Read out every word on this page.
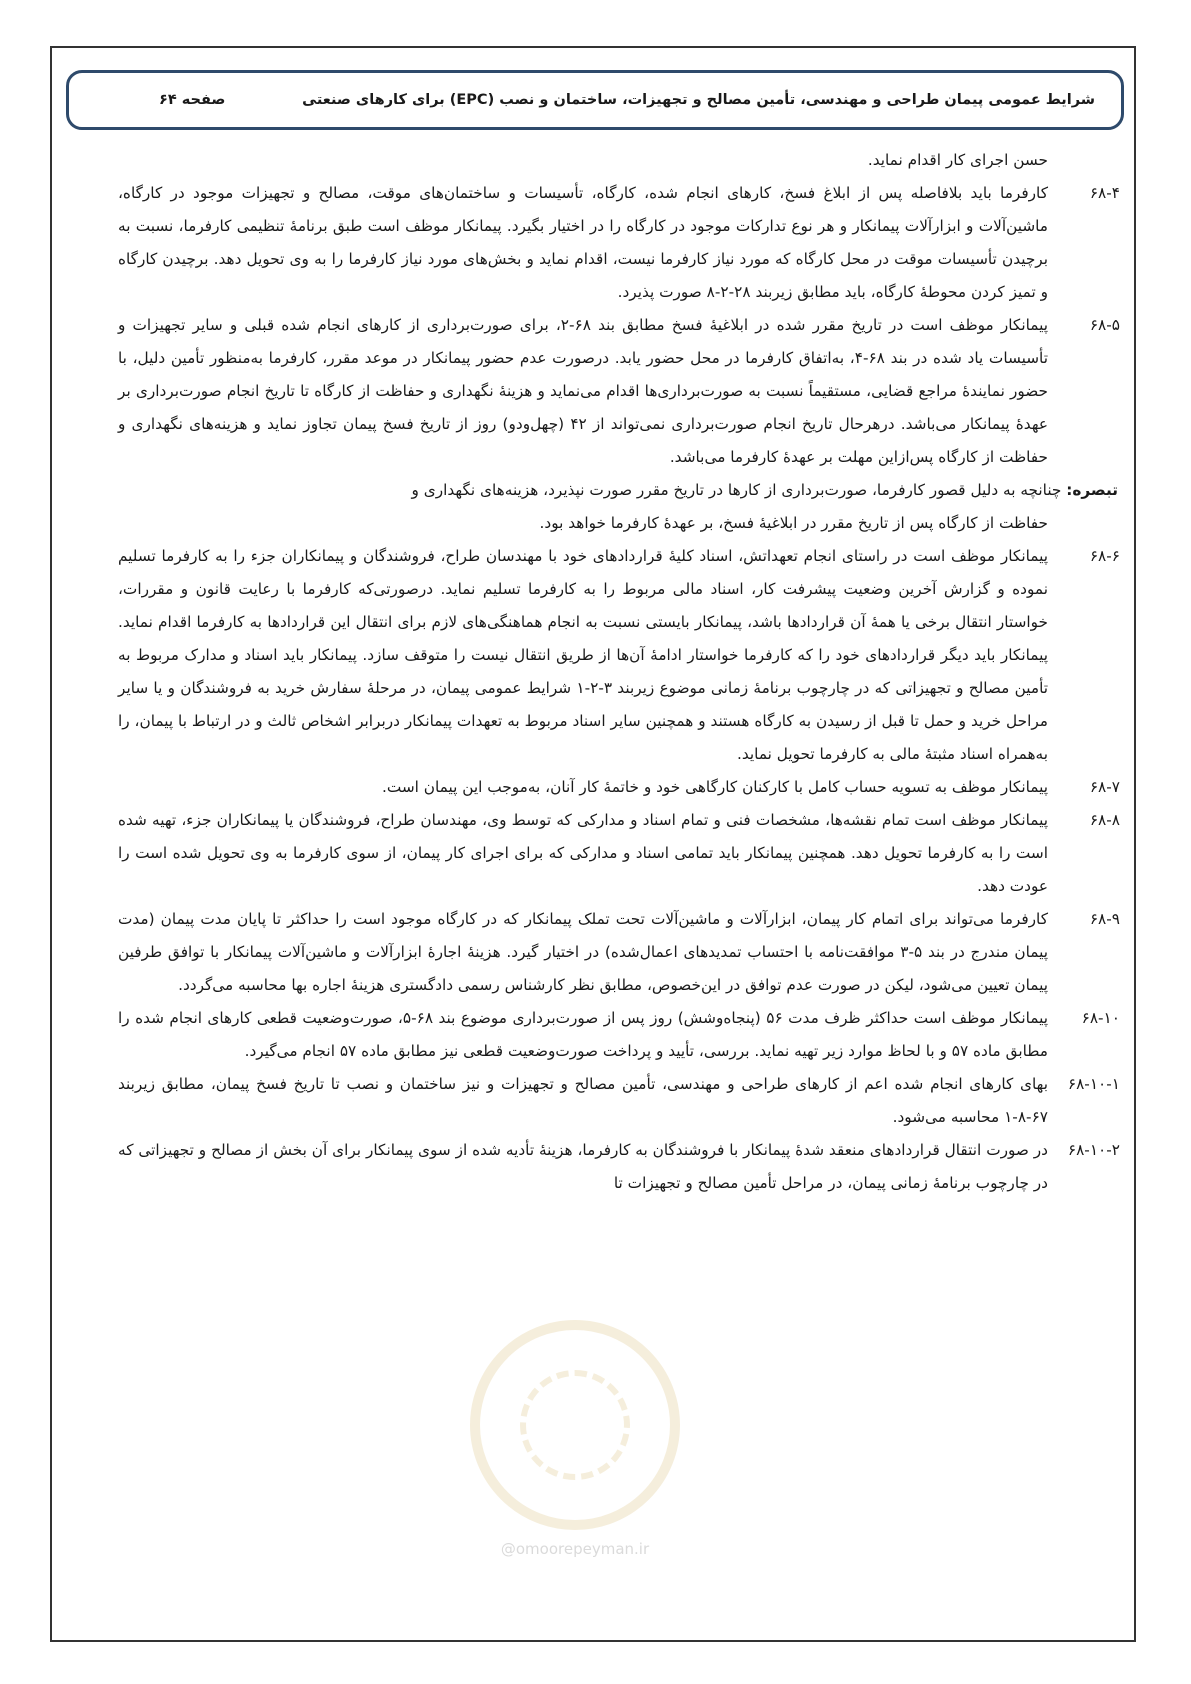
شرایط عمومی پیمان طراحی و مهندسی، تأمین مصالح و تجهیزات، ساختمان و نصب (EPC) برای کارهای صنعتی
صفحه ۶۴
@omoorepeyman.ir

حسن اجرای کار اقدام نماید.

۶۸-۴
کارفرما باید بلافاصله پس از ابلاغ فسخ، کارهای انجام شده، کارگاه، تأسیسات و ساختمان‌های موقت، مصالح و تجهیزات موجود در کارگاه، ماشین‌آلات و ابزارآلات پیمانکار و هر نوع تدارکات موجود در کارگاه را در اختیار بگیرد. پیمانکار موظف است طبق برنامهٔ تنظیمی کارفرما، نسبت به برچیدن تأسیسات موقت در محل کارگاه که مورد نیاز کارفرما نیست، اقدام نماید و بخش‌های مورد نیاز کارفرما را به وی تحویل دهد. برچیدن کارگاه و تمیز کردن محوطهٔ کارگاه، باید مطابق زیربند ۲۸-۲-۸ صورت پذیرد.
۶۸-۵
پیمانکار موظف است در تاریخ مقرر شده در ابلاغیهٔ فسخ مطابق بند ۶۸-۲، برای صورت‌برداری از کارهای انجام شده قبلی و سایر تجهیزات و تأسیسات یاد شده در بند ۶۸-۴، به‌اتفاق کارفرما در محل حضور یابد. درصورت عدم حضور پیمانکار در موعد مقرر، کارفرما به‌منظور تأمین دلیل، با حضور نمایندهٔ مراجع قضایی، مستقیماً نسبت به صورت‌برداری‌ها اقدام می‌نماید و هزینهٔ نگهداری و حفاظت از کارگاه تا تاریخ انجام صورت‌برداری بر عهدهٔ پیمانکار می‌باشد. درهرحال تاریخ انجام صورت‌برداری نمی‌تواند از ۴۲ (چهل‌ودو) روز از تاریخ فسخ پیمان تجاوز نماید و هزینه‌های نگهداری و حفاظت از کارگاه پس‌ازاین مهلت بر عهدهٔ کارفرما می‌باشد.
تبصره: چنانچه به دلیل قصور کارفرما، صورت‌برداری از کارها در تاریخ مقرر صورت نپذیرد، هزینه‌های نگهداری و
حفاظت از کارگاه پس از تاریخ مقرر در ابلاغیهٔ فسخ، بر عهدهٔ کارفرما خواهد بود.
۶۸-۶
پیمانکار موظف است در راستای انجام تعهداتش، اسناد کلیهٔ قراردادهای خود با مهندسان طراح، فروشندگان و پیمانکاران جزء را به کارفرما تسلیم نموده و گزارش آخرین وضعیت پیشرفت کار، اسناد مالی مربوط را به کارفرما تسلیم نماید. درصورتی‌که کارفرما با رعایت قانون و مقررات، خواستار انتقال برخی یا همهٔ آن قراردادها باشد، پیمانکار بایستی نسبت به انجام هماهنگی‌های لازم برای انتقال این قراردادها به کارفرما اقدام نماید. پیمانکار باید دیگر قراردادهای خود را که کارفرما خواستار ادامهٔ آن‌ها از طریق انتقال نیست را متوقف سازد. پیمانکار باید اسناد و مدارک مربوط به تأمین مصالح و تجهیزاتی که در چارچوب برنامهٔ زمانی موضوع زیربند ۳-۲-۱ شرایط عمومی پیمان، در مرحلهٔ سفارش خرید به فروشندگان و یا سایر مراحل خرید و حمل تا قبل از رسیدن به کارگاه هستند و همچنین سایر اسناد مربوط به تعهدات پیمانکار دربرابر اشخاص ثالث و در ارتباط با پیمان، را به‌همراه اسناد مثبتهٔ مالی به کارفرما تحویل نماید.
۶۸-۷
پیمانکار موظف به تسویه حساب کامل با کارکنان کارگاهی خود و خاتمهٔ کار آنان، به‌موجب این پیمان است.
۶۸-۸
پیمانکار موظف است تمام نقشه‌ها، مشخصات فنی و تمام اسناد و مدارکی که توسط وی، مهندسان طراح، فروشندگان یا پیمانکاران جزء، تهیه شده است را به کارفرما تحویل دهد. همچنین پیمانکار باید تمامی اسناد و مدارکی که برای اجرای کار پیمان، از سوی کارفرما به وی تحویل شده است را عودت دهد.
۶۸-۹
کارفرما می‌تواند برای اتمام کار پیمان، ابزارآلات و ماشین‌آلات تحت تملک پیمانکار که در کارگاه موجود است را حداکثر تا پایان مدت پیمان (مدت پیمان مندرج در بند ۵-۳ موافقت‌نامه با احتساب تمدیدهای اعمال‌شده) در اختیار گیرد. هزینهٔ اجارهٔ ابزارآلات و ماشین‌آلات پیمانکار با توافق طرفین پیمان تعیین می‌شود، لیکن در صورت عدم توافق در این‌خصوص، مطابق نظر کارشناس رسمی دادگستری هزینهٔ اجاره بها محاسبه می‌گردد.
۶۸-۱۰
پیمانکار موظف است حداکثر ظرف مدت ۵۶ (پنجاه‌وشش) روز پس از صورت‌برداری موضوع بند ۶۸-۵، صورت‌وضعیت قطعی کارهای انجام شده را مطابق ماده ۵۷ و با لحاظ موارد زیر تهیه نماید. بررسی، تأیید و پرداخت صورت‌وضعیت قطعی نیز مطابق ماده ۵۷ انجام می‌گیرد.
۶۸-۱۰-۱
بهای کارهای انجام شده اعم از کارهای طراحی و مهندسی، تأمین مصالح و تجهیزات و نیز ساختمان و نصب تا تاریخ فسخ پیمان، مطابق زیربند ۶۷-۸-۱ محاسبه می‌شود.
۶۸-۱۰-۲
در صورت انتقال قراردادهای منعقد شدهٔ پیمانکار با فروشندگان به کارفرما، هزینهٔ تأدیه شده از سوی پیمانکار برای آن بخش از مصالح و تجهیزاتی که در چارچوب برنامهٔ زمانی پیمان، در مراحل تأمین مصالح و تجهیزات تا
